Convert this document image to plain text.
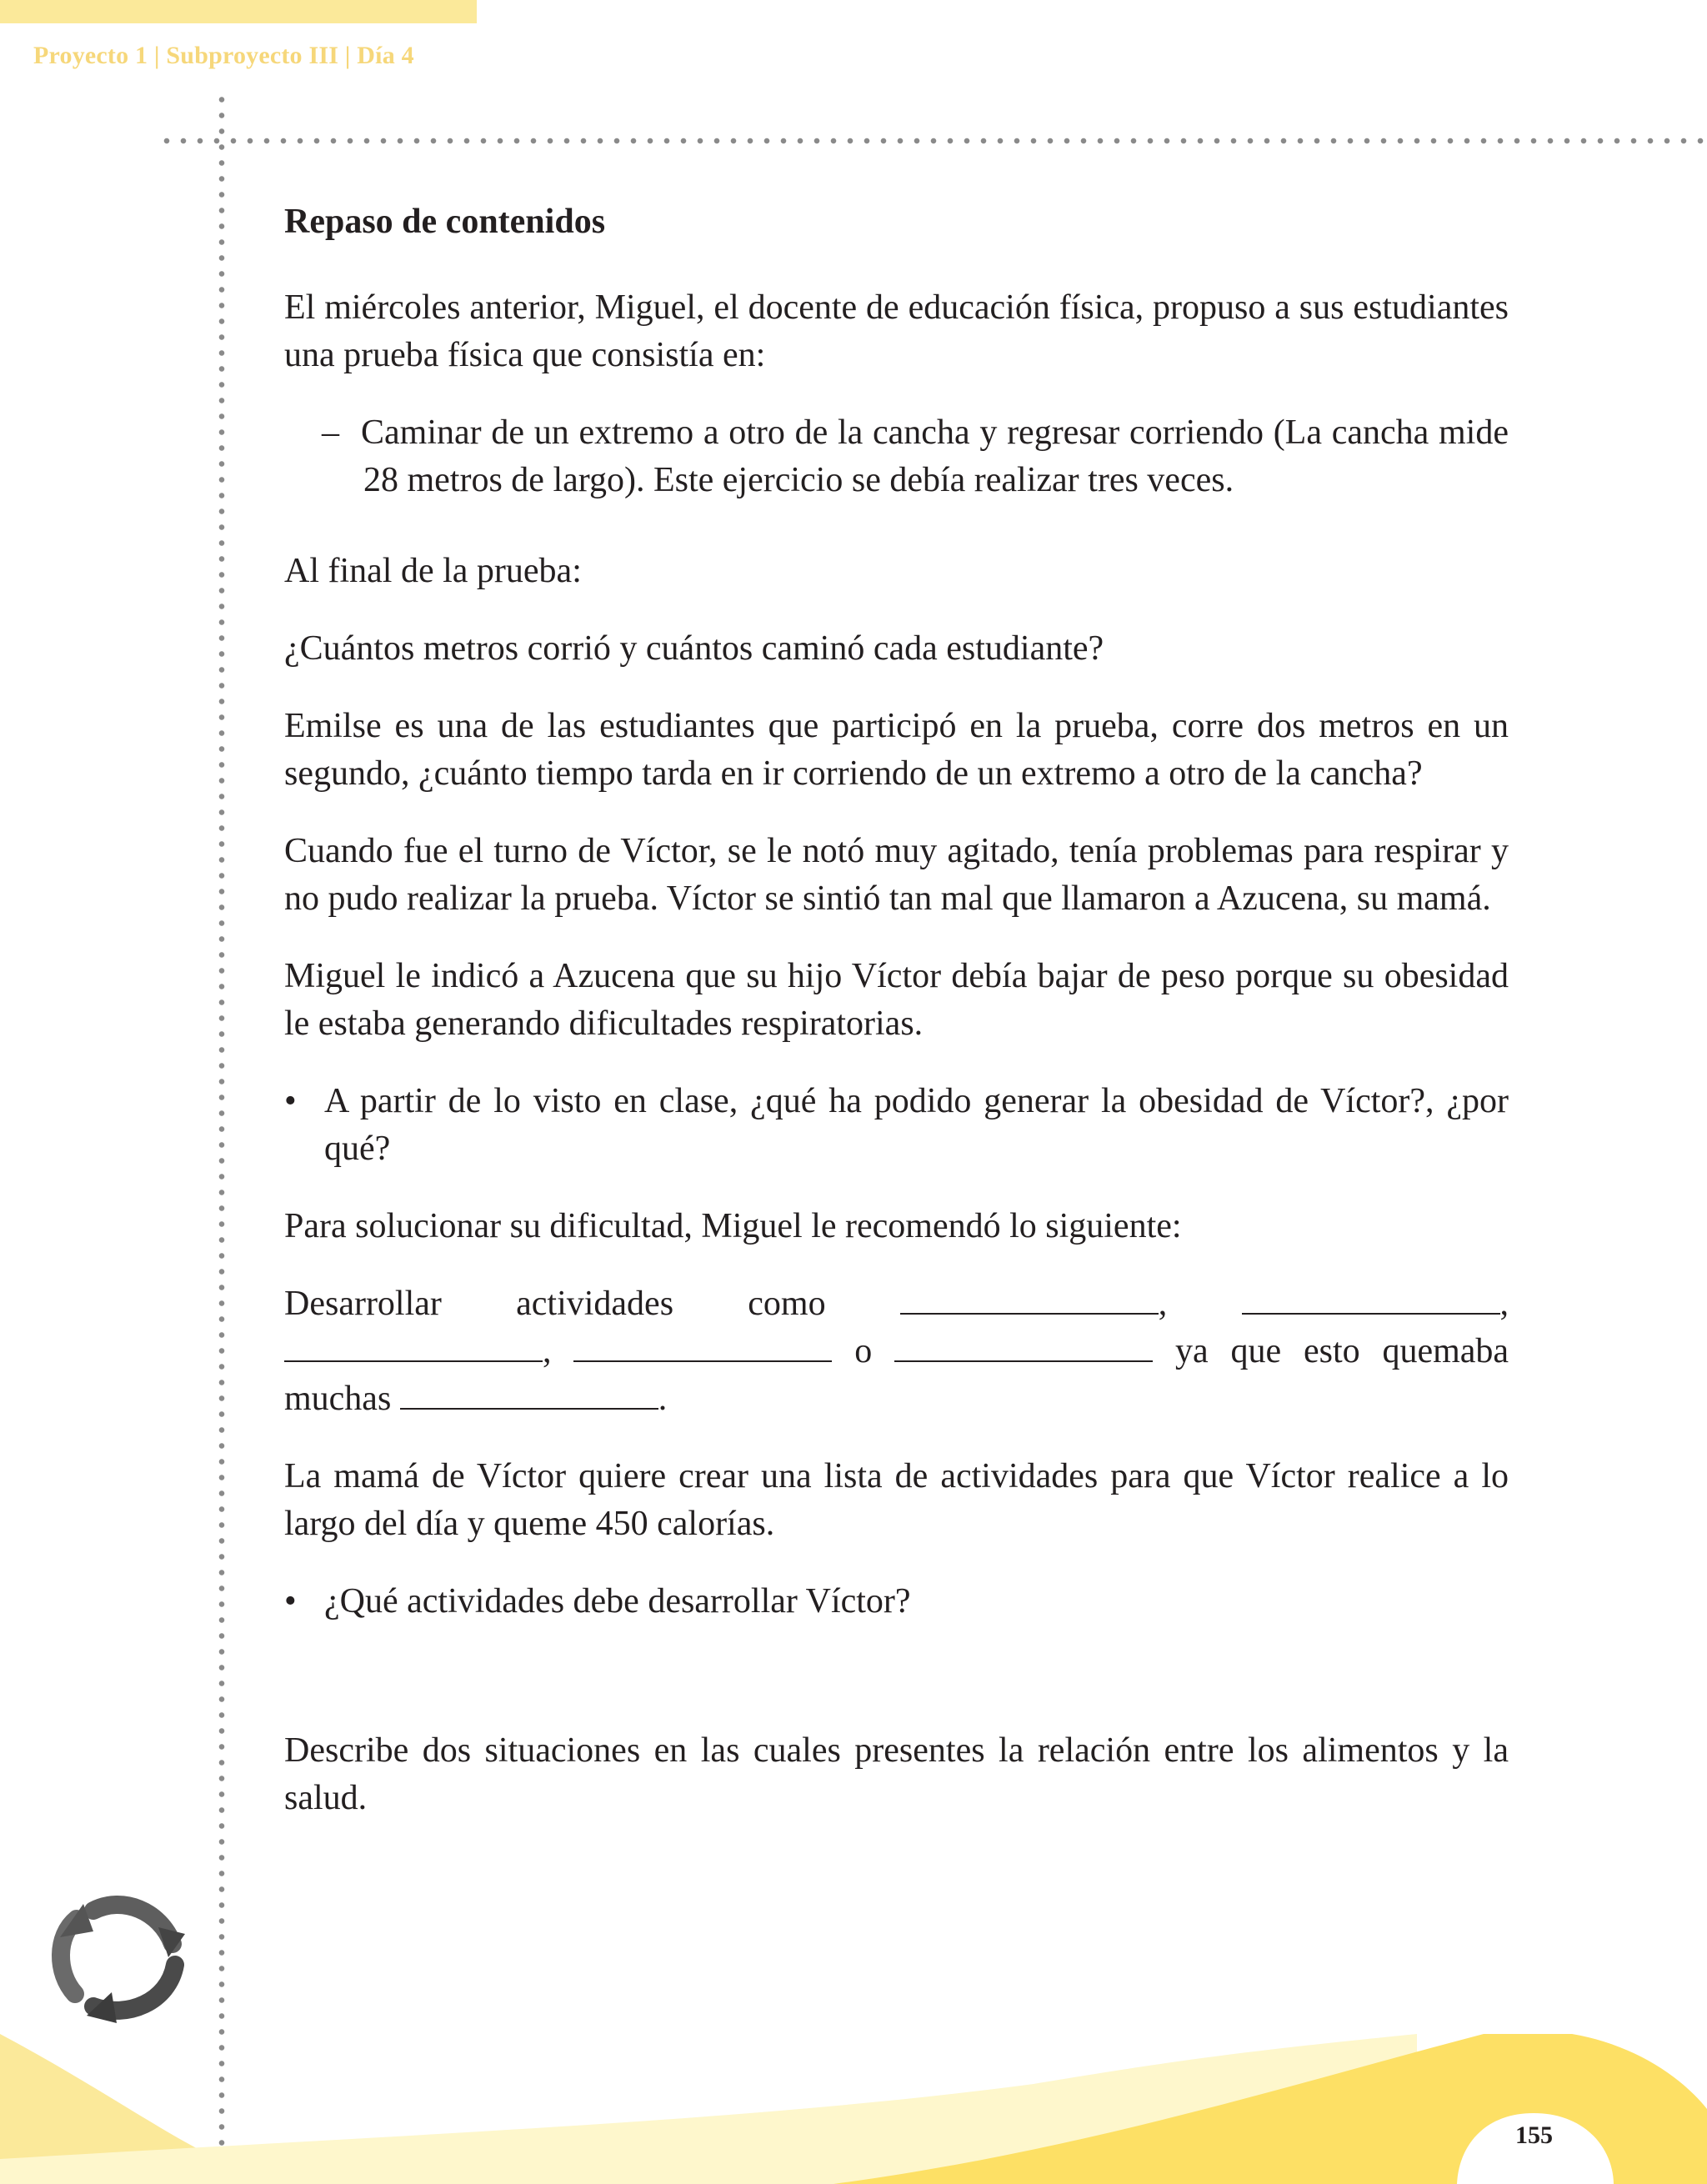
Proyecto 1 | Subproyecto III | Día 4

Repaso de contenidos

El miércoles anterior, Miguel, el docente de educación física, propuso a sus estudiantes una prueba física que consistía en:

– Caminar de un extremo a otro de la cancha y regresar corriendo (La cancha mide 28 metros de largo). Este ejercicio se debía realizar tres veces.

Al final de la prueba:

¿Cuántos metros corrió y cuántos caminó cada estudiante?

Emilse es una de las estudiantes que participó en la prueba, corre dos metros en un segundo, ¿cuánto tiempo tarda en ir corriendo de un extremo a otro de la cancha?

Cuando fue el turno de Víctor, se le notó muy agitado, tenía problemas para respirar y no pudo realizar la prueba. Víctor se sintió tan mal que llamaron a Azucena, su mamá.

Miguel le indicó a Azucena que su hijo Víctor debía bajar de peso porque su obesidad le estaba generando dificultades respiratorias.

• A partir de lo visto en clase, ¿qué ha podido generar la obesidad de Víctor?, ¿por qué?

Para solucionar su dificultad, Miguel le recomendó lo siguiente:

Desarrollar actividades como	,	,

,	o	ya que esto quemaba

muchas	.

La mamá de Víctor quiere crear una lista de actividades para que Víctor realice a lo largo del día y queme 450 calorías.

• ¿Qué actividades debe desarrollar Víctor?

Describe dos situaciones en las cuales presentes la relación entre los alimentos y la salud.

155
